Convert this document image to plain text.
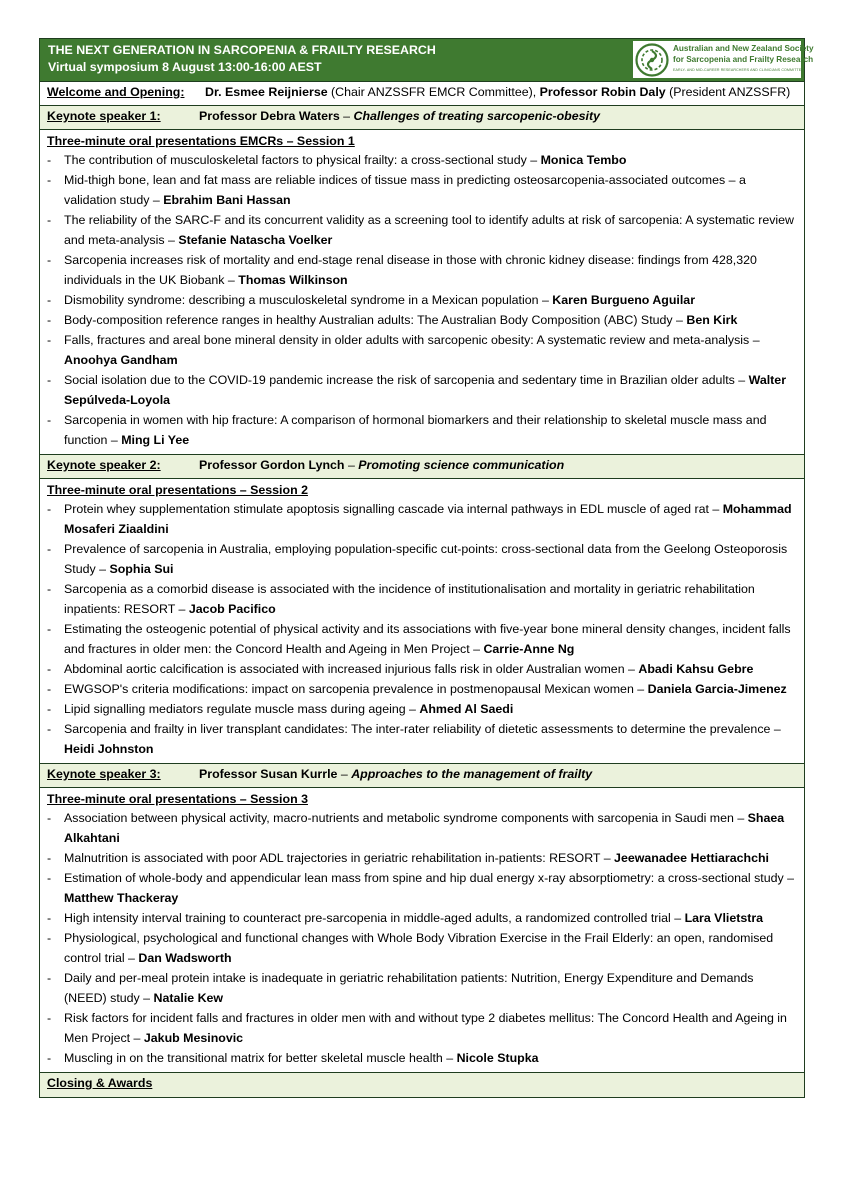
THE NEXT GENERATION IN SARCOPENIA & FRAILTY RESEARCH
Virtual symposium 8 August 13:00-16:00 AEST
Australian and New Zealand Society
for Sarcopenia and Frailty Research
EARLY- AND MID-CAREER RESEARCHERS AND CLINICIANS COMMITTEE
Welcome and Opening: Dr. Esmee Reijnierse (Chair ANZSSFR EMCR Committee), Professor Robin Daly (President ANZSSFR)
Keynote speaker 1:	Professor Debra Waters – Challenges of treating sarcopenic-obesity
Three-minute oral presentations EMCRs – Session 1
- The contribution of musculoskeletal factors to physical frailty: a cross-sectional study – Monica Tembo
- Mid-thigh bone, lean and fat mass are reliable indices of tissue mass in predicting osteosarcopenia-associated outcomes – a validation study – Ebrahim Bani Hassan
- The reliability of the SARC-F and its concurrent validity as a screening tool to identify adults at risk of sarcopenia: A systematic review and meta-analysis – Stefanie Natascha Voelker
- Sarcopenia increases risk of mortality and end-stage renal disease in those with chronic kidney disease: findings from 428,320 individuals in the UK Biobank – Thomas Wilkinson
- Dismobility syndrome: describing a musculoskeletal syndrome in a Mexican population – Karen Burgueno Aguilar
- Body-composition reference ranges in healthy Australian adults: The Australian Body Composition (ABC) Study – Ben Kirk
- Falls, fractures and areal bone mineral density in older adults with sarcopenic obesity: A systematic review and meta-analysis – Anoohya Gandham
- Social isolation due to the COVID-19 pandemic increase the risk of sarcopenia and sedentary time in Brazilian older adults – Walter Sepúlveda-Loyola
- Sarcopenia in women with hip fracture: A comparison of hormonal biomarkers and their relationship to skeletal muscle mass and function – Ming Li Yee
Keynote speaker 2:	Professor Gordon Lynch – Promoting science communication
Three-minute oral presentations – Session 2
- Protein whey supplementation stimulate apoptosis signalling cascade via internal pathways in EDL muscle of aged rat – Mohammad Mosaferi Ziaaldini
- Prevalence of sarcopenia in Australia, employing population-specific cut-points: cross-sectional data from the Geelong Osteoporosis Study – Sophia Sui
- Sarcopenia as a comorbid disease is associated with the incidence of institutionalisation and mortality in geriatric rehabilitation inpatients: RESORT – Jacob Pacifico
- Estimating the osteogenic potential of physical activity and its associations with five-year bone mineral density changes, incident falls and fractures in older men: the Concord Health and Ageing in Men Project – Carrie-Anne Ng
- Abdominal aortic calcification is associated with increased injurious falls risk in older Australian women – Abadi Kahsu Gebre
- EWGSOP's criteria modifications: impact on sarcopenia prevalence in postmenopausal Mexican women – Daniela Garcia-Jimenez
- Lipid signalling mediators regulate muscle mass during ageing – Ahmed Al Saedi
- Sarcopenia and frailty in liver transplant candidates: The inter-rater reliability of dietetic assessments to determine the prevalence – Heidi Johnston
Keynote speaker 3:	Professor Susan Kurrle – Approaches to the management of frailty
Three-minute oral presentations – Session 3
- Association between physical activity, macro-nutrients and metabolic syndrome components with sarcopenia in Saudi men – Shaea Alkahtani
- Malnutrition is associated with poor ADL trajectories in geriatric rehabilitation in-patients: RESORT – Jeewanadee Hettiarachchi
- Estimation of whole-body and appendicular lean mass from spine and hip dual energy x-ray absorptiometry: a cross-sectional study – Matthew Thackeray
- High intensity interval training to counteract pre-sarcopenia in middle-aged adults, a randomized controlled trial – Lara Vlietstra
- Physiological, psychological and functional changes with Whole Body Vibration Exercise in the Frail Elderly: an open, randomised control trial – Dan Wadsworth
- Daily and per-meal protein intake is inadequate in geriatric rehabilitation patients: Nutrition, Energy Expenditure and Demands (NEED) study – Natalie Kew
- Risk factors for incident falls and fractures in older men with and without type 2 diabetes mellitus: The Concord Health and Ageing in Men Project – Jakub Mesinovic
- Muscling in on the transitional matrix for better skeletal muscle health – Nicole Stupka
Closing & Awards
